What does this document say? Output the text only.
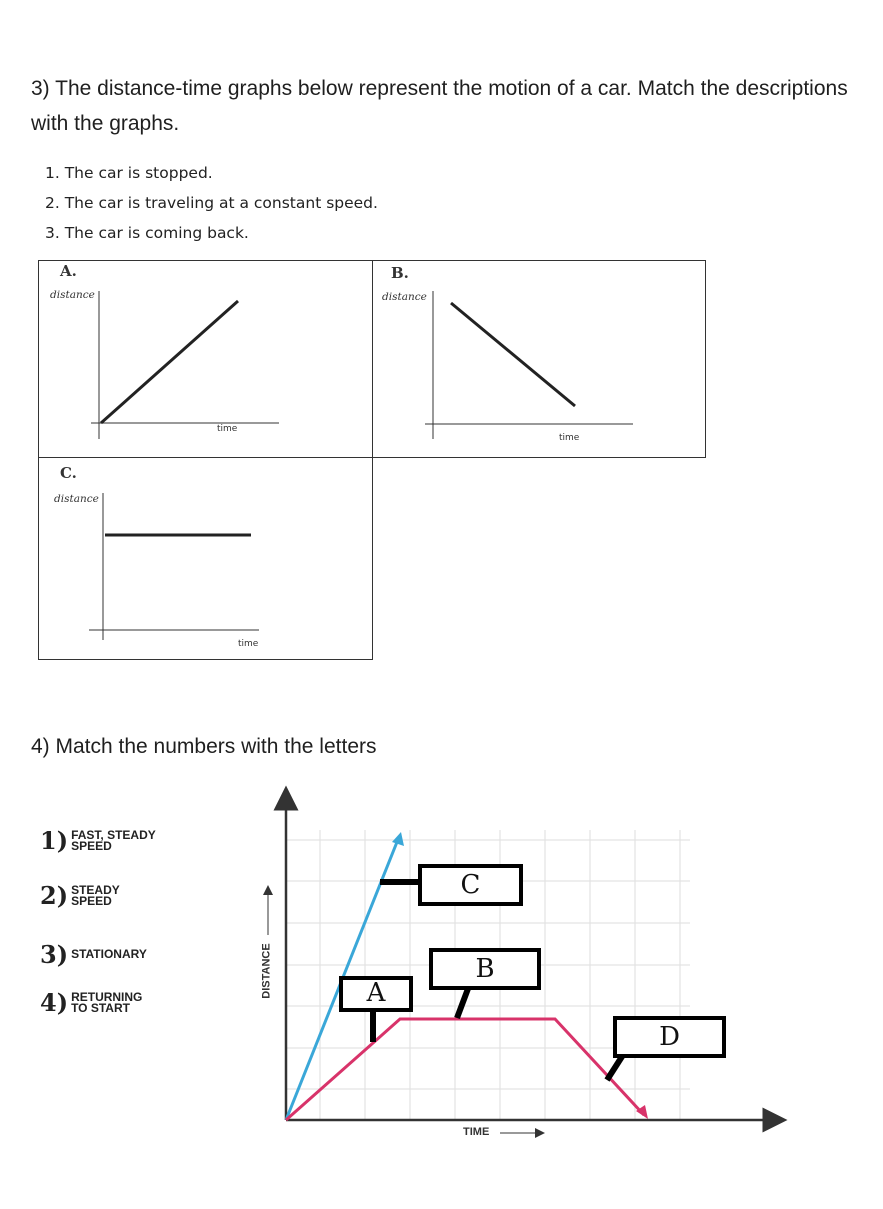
3) The distance-time graphs below represent the motion of a car. Match the descriptions with the graphs.
1. The car is stopped.
2. The car is traveling at a constant speed.
3. The car is coming back.
A.
distance
time
B.
distance
time
C.
distance
time
4) Match the numbers with the letters
1) FAST, STEADY
SPEED
2) STEADY
SPEED
3) STATIONARY
4) RETURNING
TO START
C
B
A
D
DISTANCE
TIME
